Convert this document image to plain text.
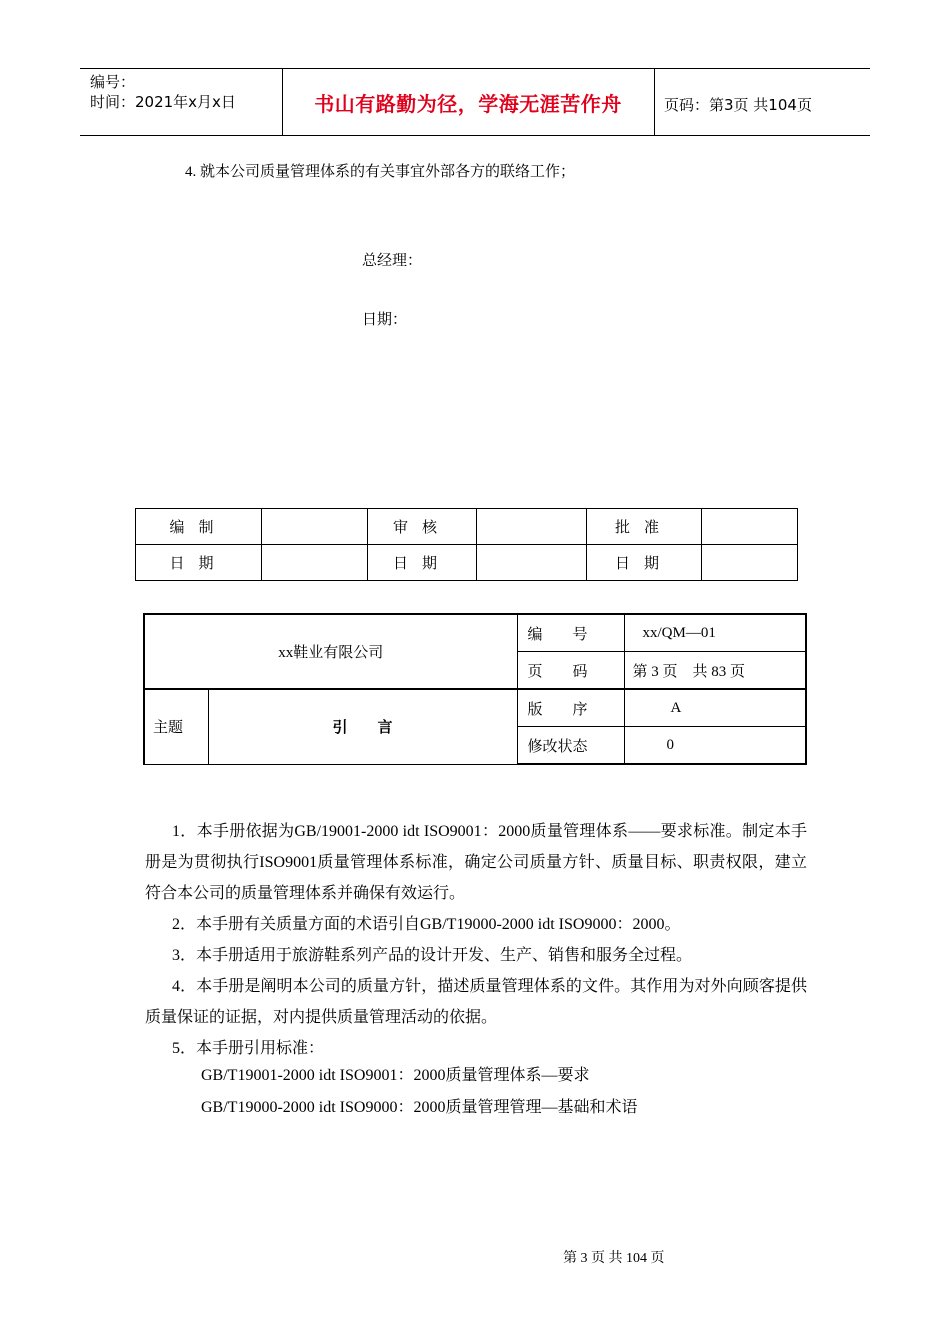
编号：
时间：2021年x月x日	书山有路勤为径，学海无涯苦作舟	页码：第3页 共104页
4. 就本公司质量管理体系的有关事宜外部各方的联络工作；
总经理：
日期：
编制		审核		批准	
日期		日期		日期	
xx鞋业有限公司		编　　号	xx/QM—01
		页　　码	第 3 页　共 83 页
主题	引　　言	版　　序	A
		修改状态	0

1．本手册依据为GB/19001-2000 idt ISO9001：2000质量管理体系——要求标准。制定本手册是为贯彻执行ISO9001质量管理体系标准，确定公司质量方针、质量目标、职责权限，建立符合本公司的质量管理体系并确保有效运行。

2．本手册有关质量方面的术语引自GB/T19000-2000 idt ISO9000：2000。

3．本手册适用于旅游鞋系列产品的设计开发、生产、销售和服务全过程。

4．本手册是阐明本公司的质量方针，描述质量管理体系的文件。其作用为对外向顾客提供质量保证的证据，对内提供质量管理活动的依据。

5．本手册引用标准：

GB/T19001-2000 idt ISO9001：2000质量管理体系—要求
GB/T19000-2000 idt ISO9000：2000质量管理管理—基础和术语
第 3 页 共 104 页
